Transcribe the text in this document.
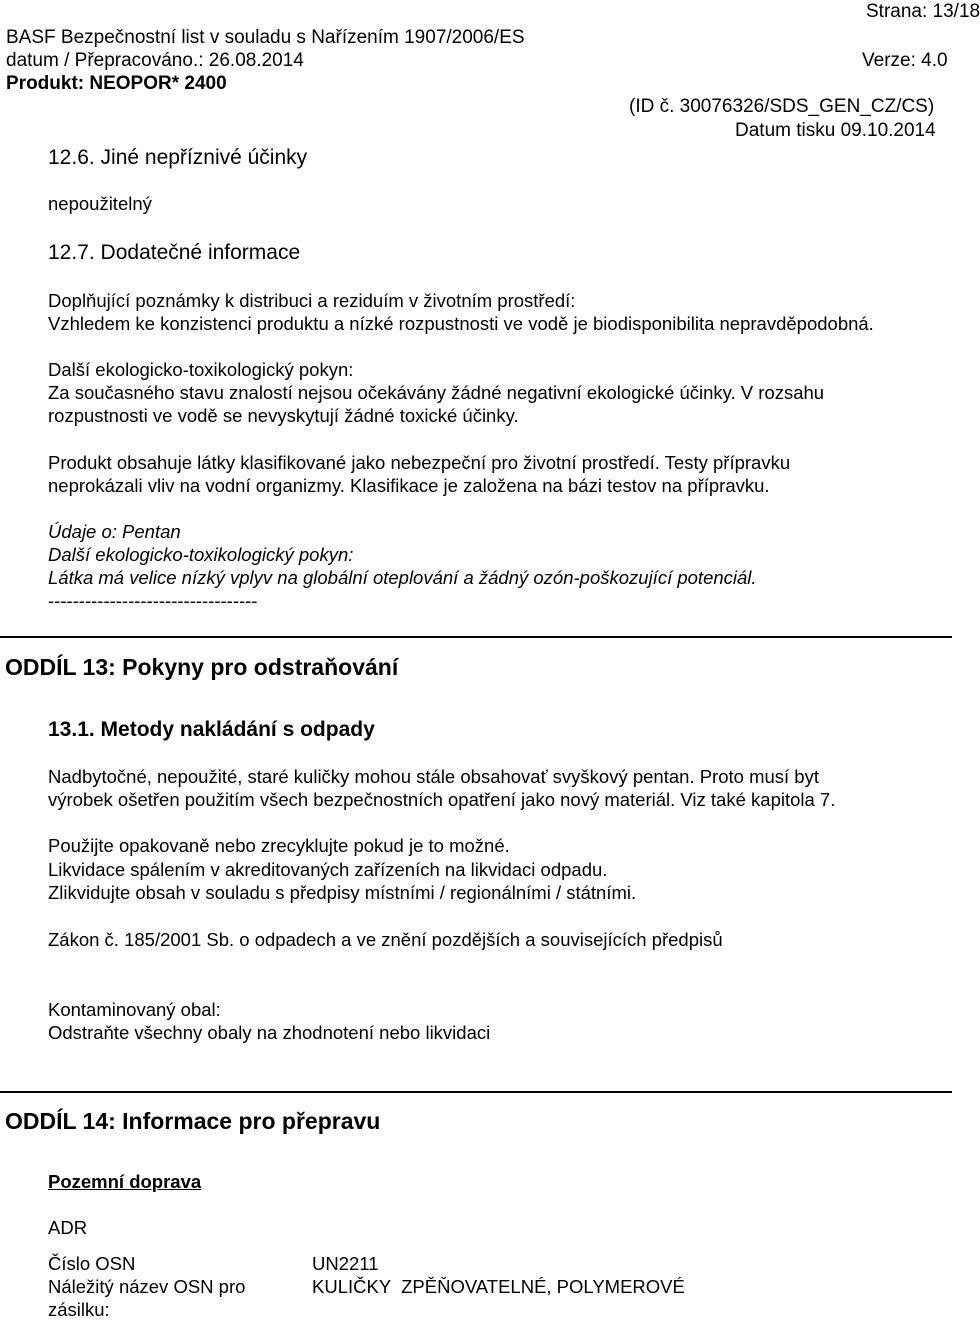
Strana: 13/18
BASF Bezpečnostní list v souladu s Nařízením 1907/2006/ES
datum / Přepracováno.: 26.08.2014	Verze: 4.0
Produkt: NEOPOR* 2400
(ID č. 30076326/SDS_GEN_CZ/CS)
Datum tisku 09.10.2014
12.6. Jiné nepříznivé účinky
nepoužitelný
12.7. Dodatečné informace
Doplňující poznámky k distribuci a reziduím v životním prostředí:
Vzhledem ke konzistenci produktu a nízké rozpustnosti ve vodě je biodisponibilita nepravděpodobná.
Další ekologicko-toxikologický pokyn:
Za současného stavu znalostí nejsou očekávány žádné negativní ekologické účinky. V rozsahu
rozpustnosti ve vodě se nevyskytují žádné toxické účinky.
Produkt obsahuje látky klasifikované jako nebezpeční pro životní prostředí. Testy přípravku
neprokázali vliv na vodní organizmy. Klasifikace je založena na bázi testov na přípravku.
Údaje o: Pentan
Další ekologicko-toxikologický pokyn:
Látka má velice nízký vplyv na globální oteplování a žádný ozón-poškozující potenciál.
----------------------------------
ODDÍL 13: Pokyny pro odstraňování
13.1. Metody nakládání s odpady
Nadbytočné, nepoužité, staré kuličky mohou stále obsahovať svyškový pentan. Proto musí byt
výrobek ošetřen použitím všech bezpečnostních opatření jako nový materiál. Viz také kapitola 7.
Použijte opakovaně nebo zrecyklujte pokud je to možné.
Likvidace spálením v akreditovaných zařízeních na likvidaci odpadu.
Zlikvidujte obsah v souladu s předpisy místními / regionálními / státními.
Zákon č. 185/2001 Sb. o odpadech a ve znění pozdějších a souvisejících předpisů
Kontaminovaný obal:
Odstraňte všechny obaly na zhodnotení nebo likvidaci
ODDÍL 14: Informace pro přepravu
Pozemní doprava
ADR
Číslo OSN	UN2211
Náležitý název OSN pro
zásilku:
KULIČKY  ZPĚŇOVATELNÉ, POLYMEROVÉ
